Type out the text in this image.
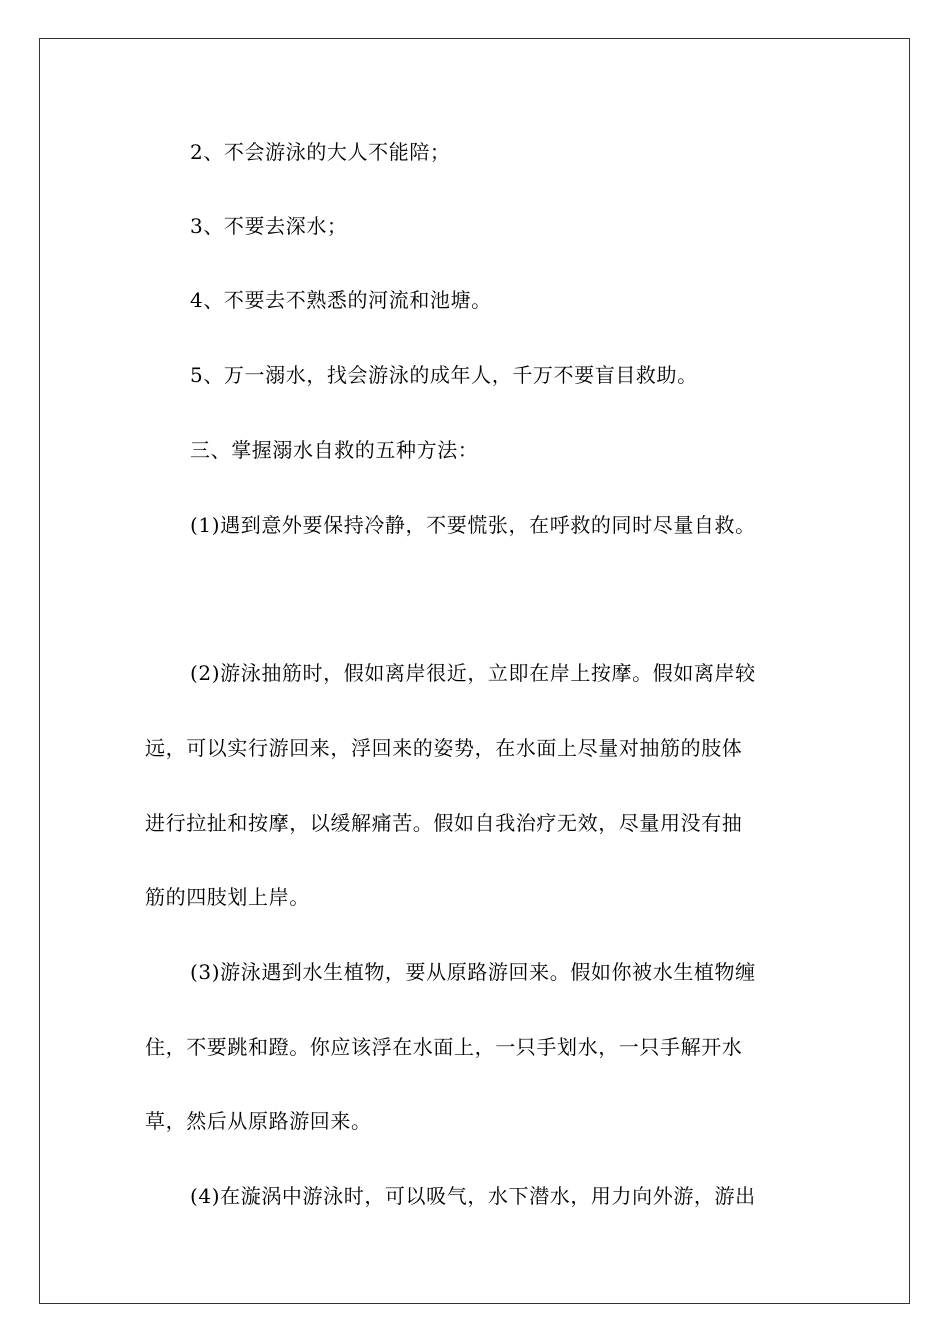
2、不会游泳的大人不能陪；
3、不要去深水；
4、不要去不熟悉的河流和池塘。
5、万一溺水，找会游泳的成年人，千万不要盲目救助。
三、掌握溺水自救的五种方法：
(1)遇到意外要保持冷静，不要慌张，在呼救的同时尽量自救。
(2)游泳抽筋时，假如离岸很近，立即在岸上按摩。假如离岸较
远，可以实行游回来，浮回来的姿势，在水面上尽量对抽筋的肢体
进行拉扯和按摩，以缓解痛苦。假如自我治疗无效，尽量用没有抽
筋的四肢划上岸。
(3)游泳遇到水生植物，要从原路游回来。假如你被水生植物缠
住，不要跳和蹬。你应该浮在水面上，一只手划水，一只手解开水
草，然后从原路游回来。
(4)在漩涡中游泳时，可以吸气，水下潜水，用力向外游，游出
